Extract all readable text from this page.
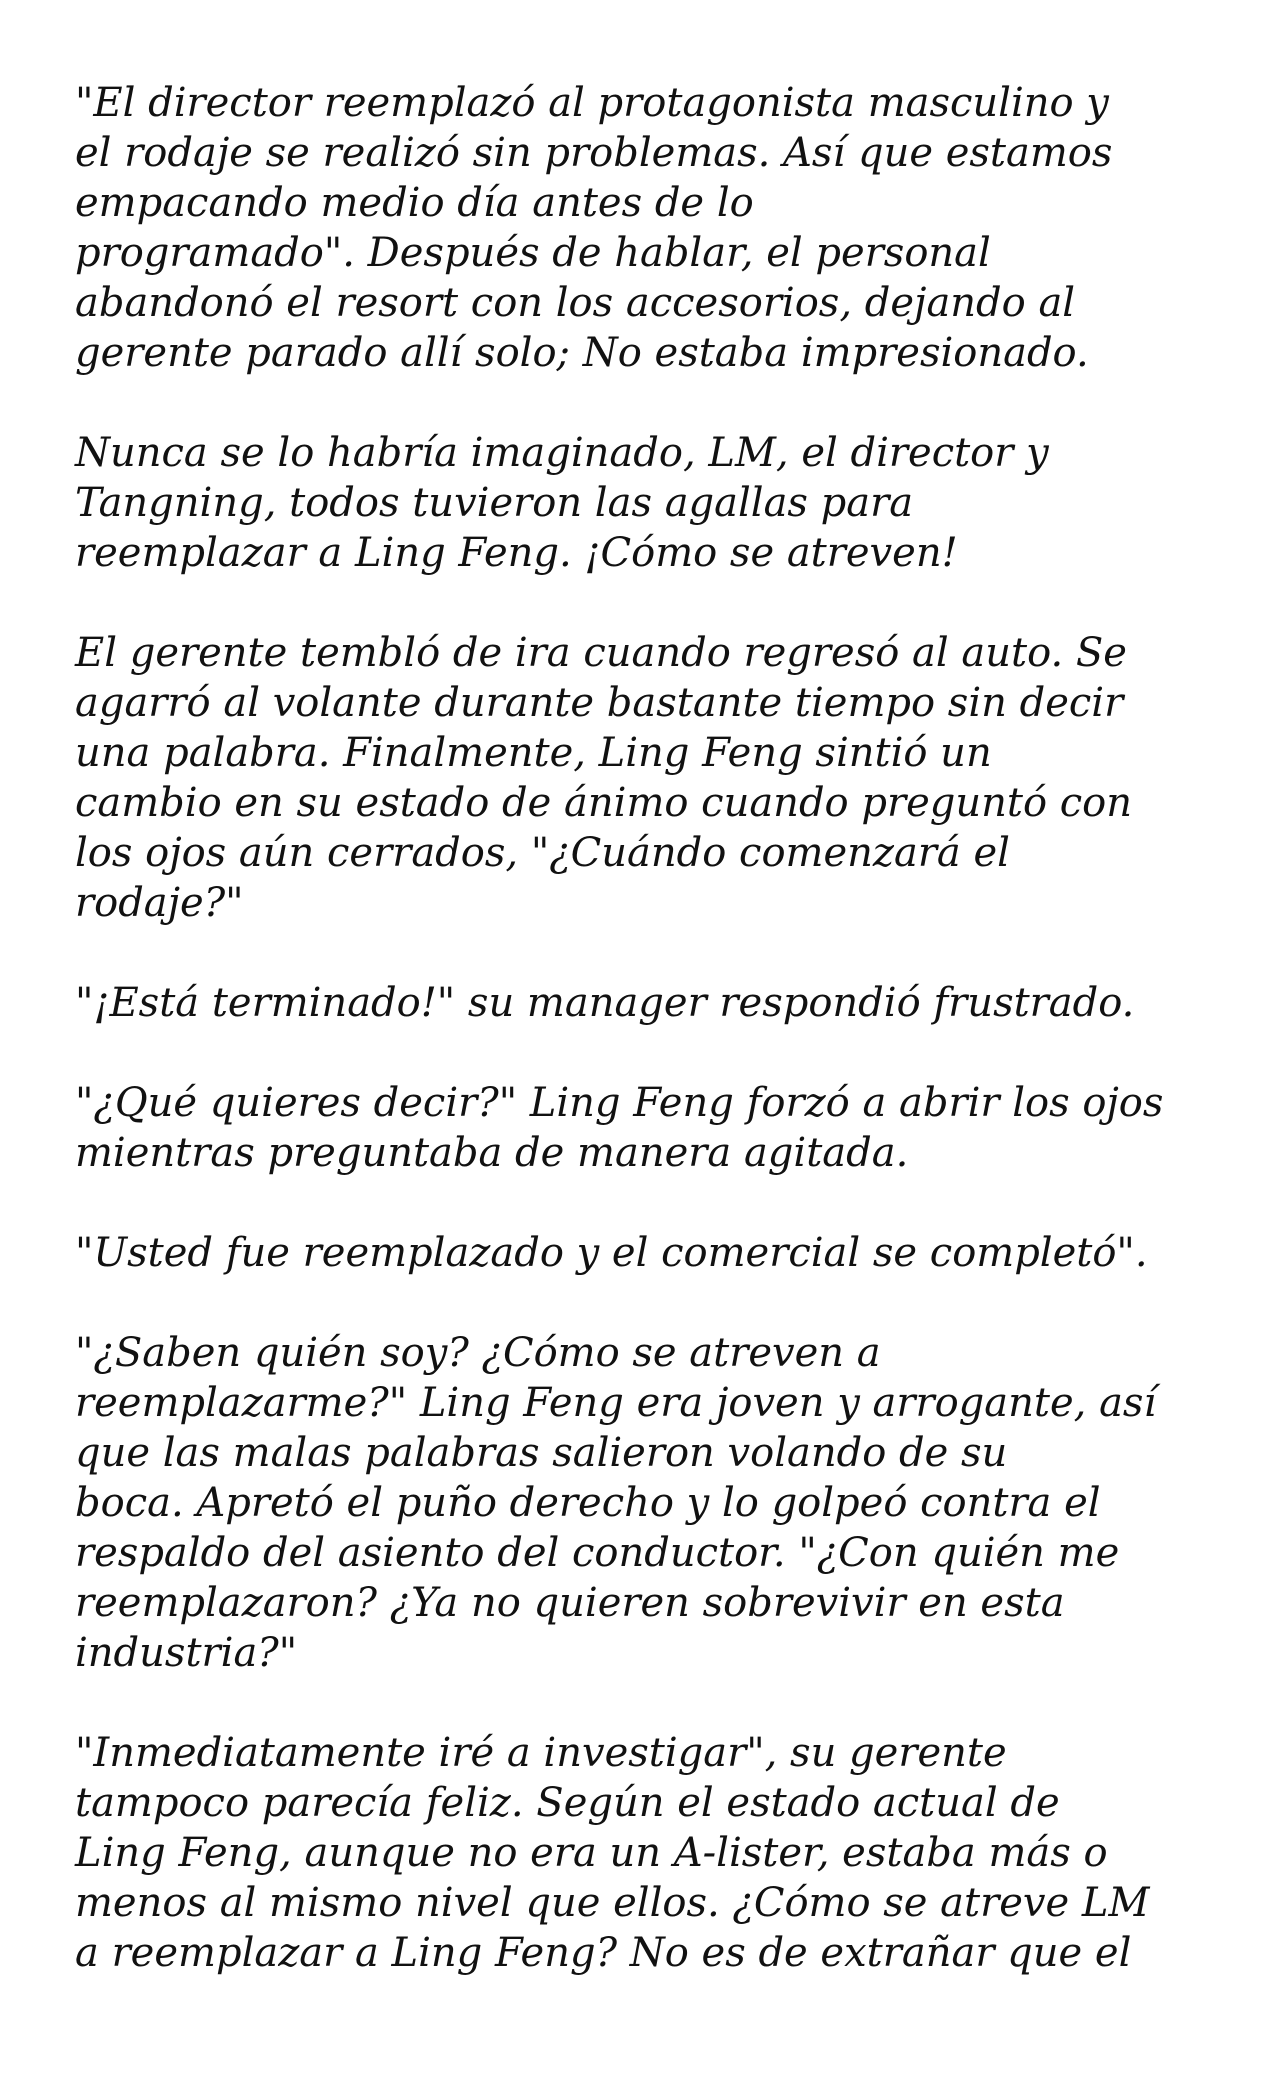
"El director reemplazó al protagonista masculino y
el rodaje se realizó sin problemas. Así que estamos
empacando medio día antes de lo
programado". Después de hablar, el personal
abandonó el resort con los accesorios, dejando al
gerente parado allí solo; No estaba impresionado.

Nunca se lo habría imaginado, LM, el director y
Tangning, todos tuvieron las agallas para
reemplazar a Ling Feng. ¡Cómo se atreven!

El gerente tembló de ira cuando regresó al auto. Se
agarró al volante durante bastante tiempo sin decir
una palabra. Finalmente, Ling Feng sintió un
cambio en su estado de ánimo cuando preguntó con
los ojos aún cerrados, "¿Cuándo comenzará el
rodaje?"

"¡Está terminado!" su manager respondió frustrado.

"¿Qué quieres decir?" Ling Feng forzó a abrir los ojos
mientras preguntaba de manera agitada.

"Usted fue reemplazado y el comercial se completó".

"¿Saben quién soy? ¿Cómo se atreven a
reemplazarme?" Ling Feng era joven y arrogante, así
que las malas palabras salieron volando de su
boca. Apretó el puño derecho y lo golpeó contra el
respaldo del asiento del conductor. "¿Con quién me
reemplazaron? ¿Ya no quieren sobrevivir en esta
industria?"

"Inmediatamente iré a investigar", su gerente
tampoco parecía feliz. Según el estado actual de
Ling Feng, aunque no era un A-lister, estaba más o
menos al mismo nivel que ellos. ¿Cómo se atreve LM
a reemplazar a Ling Feng? No es de extrañar que el
